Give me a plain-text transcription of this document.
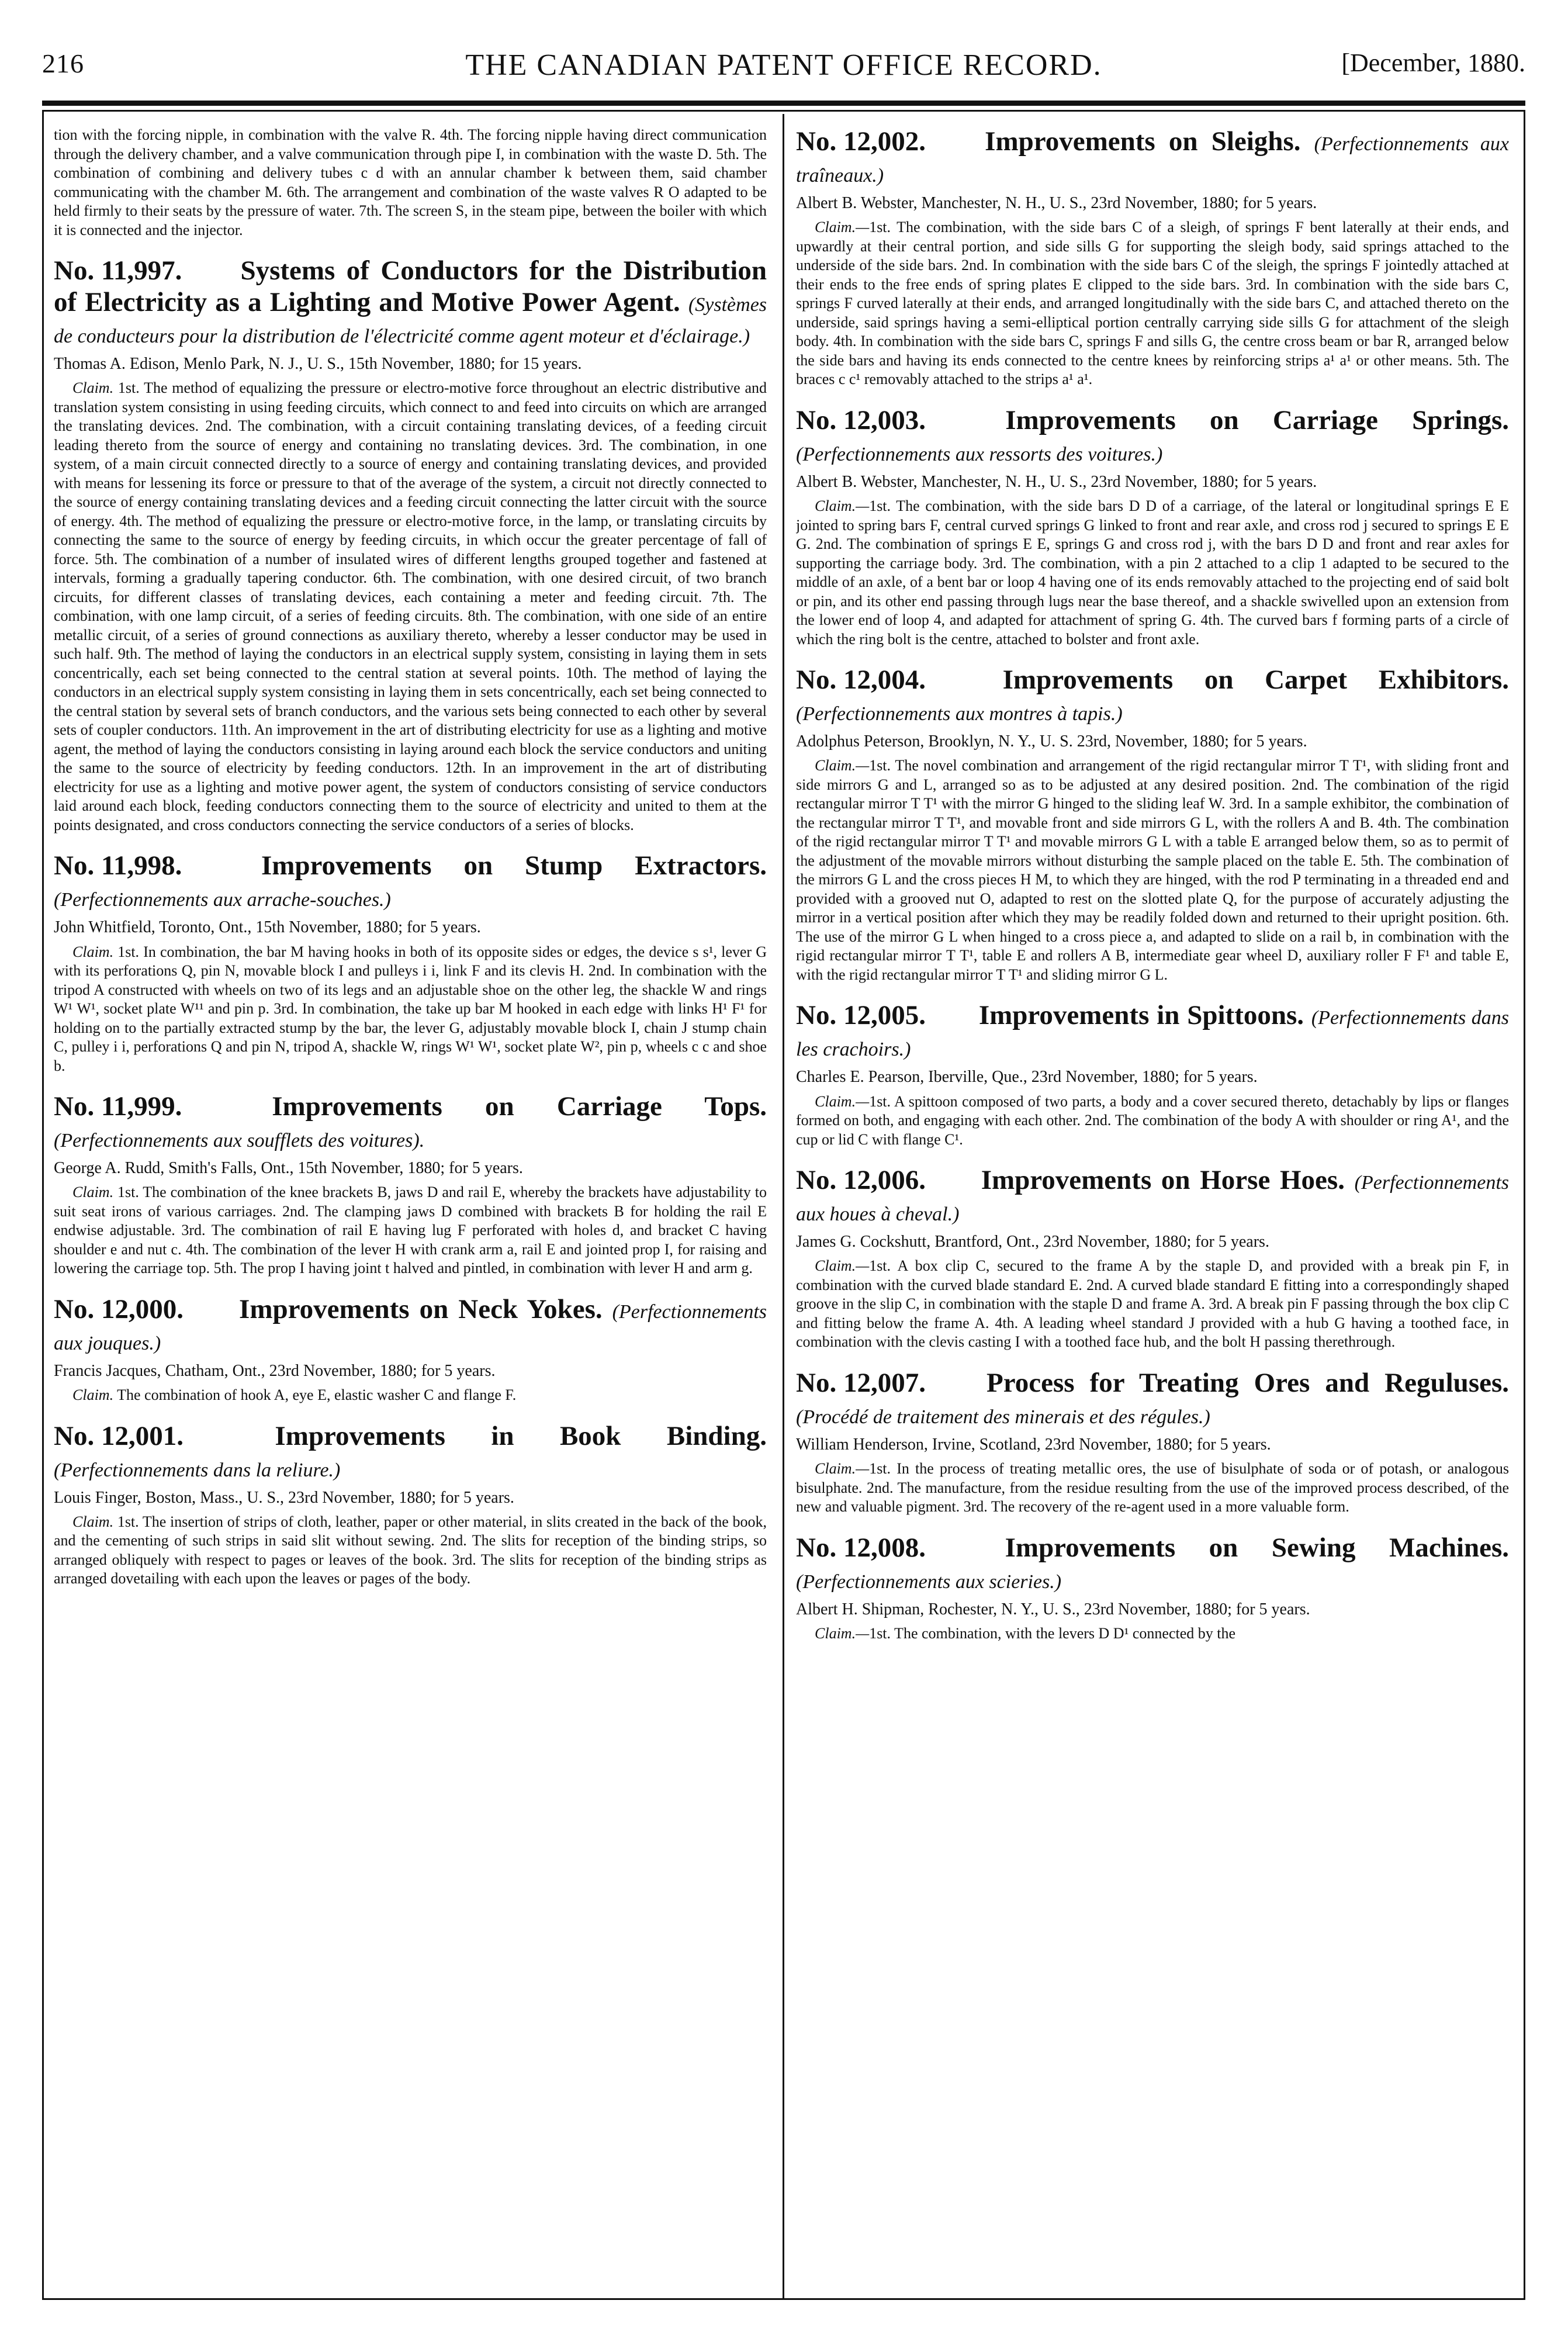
216	THE CANADIAN PATENT OFFICE RECORD.	[December, 1880.

tion with the forcing nipple, in combination with the valve R. 4th. The forcing nipple having direct communication through the delivery chamber, and a valve communication through pipe I, in combination with the waste D. 5th. The combination of combining and delivery tubes c d with an annular chamber k between them, said chamber communicating with the chamber M. 6th. The arrangement and combination of the waste valves R O adapted to be held firmly to their seats by the pressure of water. 7th. The screen S, in the steam pipe, between the boiler with which it is connected and the injector.

No. 11,997. Systems of Conductors for the Distribution of Electricity as a Lighting and Motive Power Agent. (Systèmes de conducteurs pour la distribution de l'électricité comme agent moteur et d'éclairage.)

Thomas A. Edison, Menlo Park, N. J., U. S., 15th November, 1880; for 15 years.

Claim. 1st. The method of equalizing the pressure or electro-motive force throughout an electric distributive and translation system consisting in using feeding circuits, which connect to and feed into circuits on which are arranged the translating devices. 2nd. The combination, with a circuit containing translating devices, of a feeding circuit leading thereto from the source of energy and containing no translating devices. 3rd. The combination, in one system, of a main circuit connected directly to a source of energy and containing translating devices, and provided with means for lessening its force or pressure to that of the average of the system, a circuit not directly connected to the source of energy containing translating devices and a feeding circuit connecting the latter circuit with the source of energy. 4th. The method of equalizing the pressure or electro-motive force, in the lamp, or translating circuits by connecting the same to the source of energy by feeding circuits, in which occur the greater percentage of fall of force. 5th. The combination of a number of insulated wires of different lengths grouped together and fastened at intervals, forming a gradually tapering conductor. 6th. The combination, with one desired circuit, of two branch circuits, for different classes of translating devices, each containing a meter and feeding circuit. 7th. The combination, with one lamp circuit, of a series of feeding circuits. 8th. The combination, with one side of an entire metallic circuit, of a series of ground connections as auxiliary thereto, whereby a lesser conductor may be used in such half. 9th. The method of laying the conductors in an electrical supply system, consisting in laying them in sets concentrically, each set being connected to the central station at several points. 10th. The method of laying the conductors in an electrical supply system consisting in laying them in sets concentrically, each set being connected to the central station by several sets of branch conductors, and the various sets being connected to each other by several sets of coupler conductors. 11th. An improvement in the art of distributing electricity for use as a lighting and motive agent, the method of laying the conductors consisting in laying around each block the service conductors and uniting the same to the source of electricity by feeding conductors. 12th. In an improvement in the art of distributing electricity for use as a lighting and motive power agent, the system of conductors consisting of service conductors laid around each block, feeding conductors connecting them to the source of electricity and united to them at the points designated, and cross conductors connecting the service conductors of a series of blocks.

No. 11,998.	Improvements on Stump Extractors. (Perfectionnements aux arrache-souches.)

John Whitfield, Toronto, Ont., 15th November, 1880; for 5 years.

Claim. 1st. In combination, the bar M having hooks in both of its opposite sides or edges, the device s s¹, lever G with its perforations Q, pin N, movable block I and pulleys i i, link F and its clevis H. 2nd. In combination with the tripod A constructed with wheels on two of its legs and an adjustable shoe on the other leg, the shackle W and rings W¹ W¹, socket plate W¹¹ and pin p. 3rd. In combination, the take up bar M hooked in each edge with links H¹ F¹ for holding on to the partially extracted stump by the bar, the lever G, adjustably movable block I, chain J stump chain C, pulley i i, perforations Q and pin N, tripod A, shackle W, rings W¹ W¹, socket plate W², pin p, wheels c c and shoe b.

No. 11,999.	Improvements on Carriage Tops. (Perfectionnements aux soufflets des voitures).

George A. Rudd, Smith's Falls, Ont., 15th November, 1880; for 5 years.

Claim. 1st. The combination of the knee brackets B, jaws D and rail E, whereby the brackets have adjustability to suit seat irons of various carriages. 2nd. The clamping jaws D combined with brackets B for holding the rail E endwise adjustable. 3rd. The combination of rail E having lug F perforated with holes d, and bracket C having shoulder e and nut c. 4th. The combination of the lever H with crank arm a, rail E and jointed prop I, for raising and lowering the carriage top. 5th. The prop I having joint t halved and pintled, in combination with lever H and arm g.

No. 12,000. Improvements on Neck Yokes. (Perfectionnements aux jouques.)

Francis Jacques, Chatham, Ont., 23rd November, 1880; for 5 years.

Claim. The combination of hook A, eye E, elastic washer C and flange F.

No. 12,001.	Improvements in Book Binding. (Perfectionnements dans la reliure.)

Louis Finger, Boston, Mass., U. S., 23rd November, 1880; for 5 years.

Claim. 1st. The insertion of strips of cloth, leather, paper or other material, in slits created in the back of the book, and the cementing of such strips in said slit without sewing. 2nd. The slits for reception of the binding strips, so arranged obliquely with respect to pages or leaves of the book. 3rd. The slits for reception of the binding strips as arranged dovetailing with each upon the leaves or pages of the body.

No. 12,002. Improvements on Sleighs. (Perfectionnements aux traîneaux.)

Albert B. Webster, Manchester, N. H., U. S., 23rd November, 1880; for 5 years.

Claim.—1st. The combination, with the side bars C of a sleigh, of springs F bent laterally at their ends, and upwardly at their central portion, and side sills G for supporting the sleigh body, said springs attached to the underside of the side bars. 2nd. In combination with the side bars C of the sleigh, the springs F jointedly attached at their ends to the free ends of spring plates E clipped to the side bars. 3rd. In combination with the side bars C, springs F curved laterally at their ends, and arranged longitudinally with the side bars C, and attached thereto on the underside, said springs having a semi-elliptical portion centrally carrying side sills G for attachment of the sleigh body. 4th. In combination with the side bars C, springs F and sills G, the centre cross beam or bar R, arranged below the side bars and having its ends connected to the centre knees by reinforcing strips a¹ a¹ or other means. 5th. The braces c c¹ removably attached to the strips a¹ a¹.

No. 12,003.	Improvements on Carriage Springs. (Perfectionnements aux ressorts des voitures.)

Albert B. Webster, Manchester, N. H., U. S., 23rd November, 1880; for 5 years.

Claim.—1st. The combination, with the side bars D D of a carriage, of the lateral or longitudinal springs E E jointed to spring bars F, central curved springs G linked to front and rear axle, and cross rod j secured to springs E E G. 2nd. The combination of springs E E, springs G and cross rod j, with the bars D D and front and rear axles for supporting the carriage body. 3rd. The combination, with a pin 2 attached to a clip 1 adapted to be secured to the middle of an axle, of a bent bar or loop 4 having one of its ends removably attached to the projecting end of said bolt or pin, and its other end passing through lugs near the base thereof, and a shackle swivelled upon an extension from the lower end of loop 4, and adapted for attachment of spring G. 4th. The curved bars f forming parts of a circle of which the ring bolt is the centre, attached to bolster and front axle.

No. 12,004.	Improvements on Carpet Exhibitors. (Perfectionnements aux montres à tapis.)

Adolphus Peterson, Brooklyn, N. Y., U. S. 23rd, November, 1880; for 5 years.

Claim.—1st. The novel combination and arrangement of the rigid rectangular mirror T T¹, with sliding front and side mirrors G and L, arranged so as to be adjusted at any desired position. 2nd. The combination of the rigid rectangular mirror T T¹ with the mirror G hinged to the sliding leaf W. 3rd. In a sample exhibitor, the combination of the rectangular mirror T T¹, and movable front and side mirrors G L, with the rollers A and B. 4th. The combination of the rigid rectangular mirror T T¹ and movable mirrors G L with a table E arranged below them, so as to permit of the adjustment of the movable mirrors without disturbing the sample placed on the table E. 5th. The combination of the mirrors G L and the cross pieces H M, to which they are hinged, with the rod P terminating in a threaded end and provided with a grooved nut O, adapted to rest on the slotted plate Q, for the purpose of accurately adjusting the mirror in a vertical position after which they may be readily folded down and returned to their upright position. 6th. The use of the mirror G L when hinged to a cross piece a, and adapted to slide on a rail b, in combination with the rigid rectangular mirror T T¹, table E and rollers A B, intermediate gear wheel D, auxiliary roller F F¹ and table E, with the rigid rectangular mirror T T¹ and sliding mirror G L.

No. 12,005. Improvements in Spittoons. (Perfectionnements dans les crachoirs.)

Charles E. Pearson, Iberville, Que., 23rd November, 1880; for 5 years.

Claim.—1st. A spittoon composed of two parts, a body and a cover secured thereto, detachably by lips or flanges formed on both, and engaging with each other. 2nd. The combination of the body A with shoulder or ring A¹, and the cup or lid C with flange C¹.

No. 12,006. Improvements on Horse Hoes. (Perfectionnements aux houes à cheval.)

James G. Cockshutt, Brantford, Ont., 23rd November, 1880; for 5 years.

Claim.—1st. A box clip C, secured to the frame A by the staple D, and provided with a break pin F, in combination with the curved blade standard E. 2nd. A curved blade standard E fitting into a correspondingly shaped groove in the slip C, in combination with the staple D and frame A. 3rd. A break pin F passing through the box clip C and fitting below the frame A. 4th. A leading wheel standard J provided with a hub G having a toothed face, in combination with the clevis casting I with a toothed face hub, and the bolt H passing therethrough.

No. 12,007. Process for Treating Ores and Reguluses. (Procédé de traitement des minerais et des régules.)

William Henderson, Irvine, Scotland, 23rd November, 1880; for 5 years.

Claim.—1st. In the process of treating metallic ores, the use of bisulphate of soda or of potash, or analogous bisulphate. 2nd. The manufacture, from the residue resulting from the use of the improved process described, of the new and valuable pigment. 3rd. The recovery of the re-agent used in a more valuable form.

No. 12,008.	Improvements on Sewing Machines. (Perfectionnements aux scieries.)

Albert H. Shipman, Rochester, N. Y., U. S., 23rd November, 1880; for 5 years.

Claim.—1st. The combination, with the levers D D¹ connected by the
